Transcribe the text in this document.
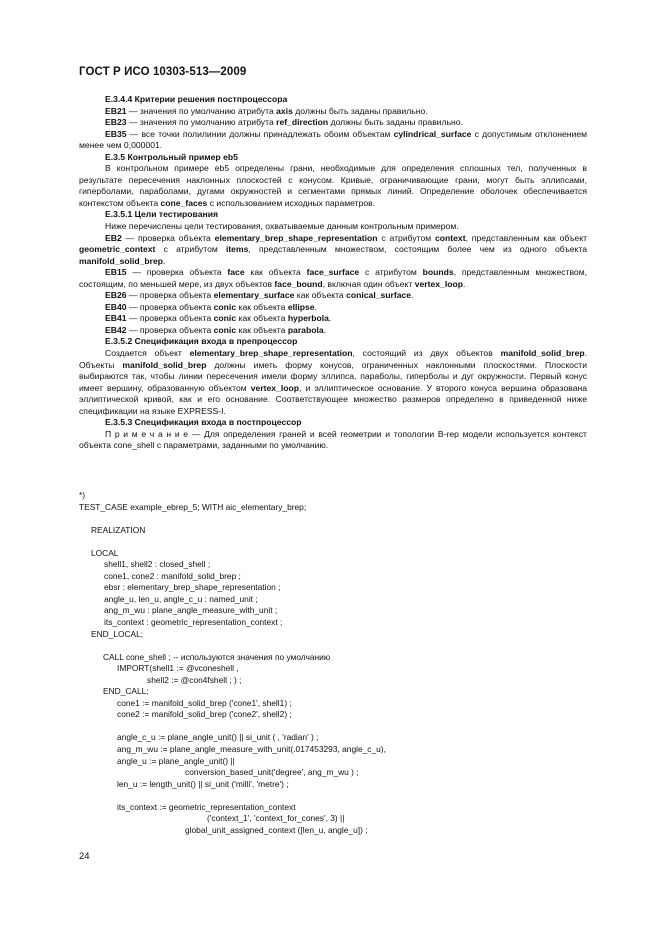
ГОСТ Р ИСО 10303-513—2009

E.3.4.4 Критерии решения постпроцессора

EB21 — значения по умолчанию атрибута axis должны быть заданы правильно.

EB23 — значения по умолчанию атрибута ref_direction должны быть заданы правильно.

EB35 — все точки полилинии должны принадлежать обоим объектам cylindrical_surface с допустимым отклонением менее чем 0,000001.

E.3.5 Контрольный пример eb5

В контрольном примере eb5 определены грани, необходимые для определения сплошных тел, полученных в результате пересечения наклонных плоскостей с конусом. Кривые, ограничивающие грани, могут быть эллипсами, гиперболами, параболами, дугами окружностей и сегментами прямых линий. Определение оболочек обеспечивается контекстом объекта cone_faces с использованием исходных параметров.

E.3.5.1 Цели тестирования

Ниже перечислены цели тестирования, охватываемые данным контрольным примером.

EB2 — проверка объекта elementary_brep_shape_representation с атрибутом context, представленным как объект geometric_context с атрибутом items, представленным множеством, состоящим более чем из одного объекта manifold_solid_brep.

EB15 — проверка объекта face как объекта face_surface с атрибутом bounds, представленным множеством, состоящим, по меньшей мере, из двух объектов face_bound, включая один объект vertex_loop.

EB26 — проверка объекта elementary_surface как объекта conical_surface.

EB40 — проверка объекта conic как объекта ellipse.

EB41 — проверка объекта conic как объекта hyperbola.

EB42 — проверка объекта conic как объекта parabola.

E.3.5.2 Спецификация входа в препроцессор

Создается объект elementary_brep_shape_representation, состоящий из двух объектов manifold_solid_brep. Объекты manifold_solid_brep должны иметь форму конусов, ограниченных наклонными плоскостями. Плоскости выбираются так, чтобы линии пересечения имели форму эллипса, параболы, гиперболы и дуг окружности. Первый конус имеет вершину, образованную объектом vertex_loop, и эллиптическое основание. У второго конуса вершина образована эллиптической кривой, как и его основание. Соответствующее множество размеров определено в приведенной ниже спецификации на языке EXPRESS-I.

E.3.5.3 Спецификация входа в постпроцессор

П р и м е ч а н и е — Для определения граней и всей геометрии и топологии B-rep модели используется контекст объекта cone_shell с параметрами, заданными по умолчанию.

*)
TEST_CASE example_ebrep_5; WITH aic_elementary_brep;

REALIZATION

LOCAL
shell1, shell2 : closed_shell ;
cone1, cone2 : manifold_solid_brep ;
ebsr : elementary_brep_shape_representation ;
angle_u, len_u, angle_c_u : named_unit ;
ang_m_wu : plane_angle_measure_with_unit ;
its_context : geometric_representation_context ;
END_LOCAL;

CALL cone_shell ; -- используются значения по умолчанию
IMPORT(shell1 := @vconeshell ,
shell2 := @con4fshell ; ) ;
END_CALL;
cone1 := manifold_solid_brep ('cone1', shell1) ;
cone2 := manifold_solid_brep ('cone2', shell2) ;

angle_c_u := plane_angle_unit() || si_unit ( , 'radian' ) ;
ang_m_wu := plane_angle_measure_with_unit(.017453293, angle_c_u),
angle_u := plane_angle_unit() ||
conversion_based_unit('degree', ang_m_wu ) ;
len_u := length_unit() || si_unit ('milli', 'metre') ;

its_context := geometric_representation_context
('context_1', 'context_for_cones', 3) ||
global_unit_assigned_context ([len_u, angle_u]) ;
24
